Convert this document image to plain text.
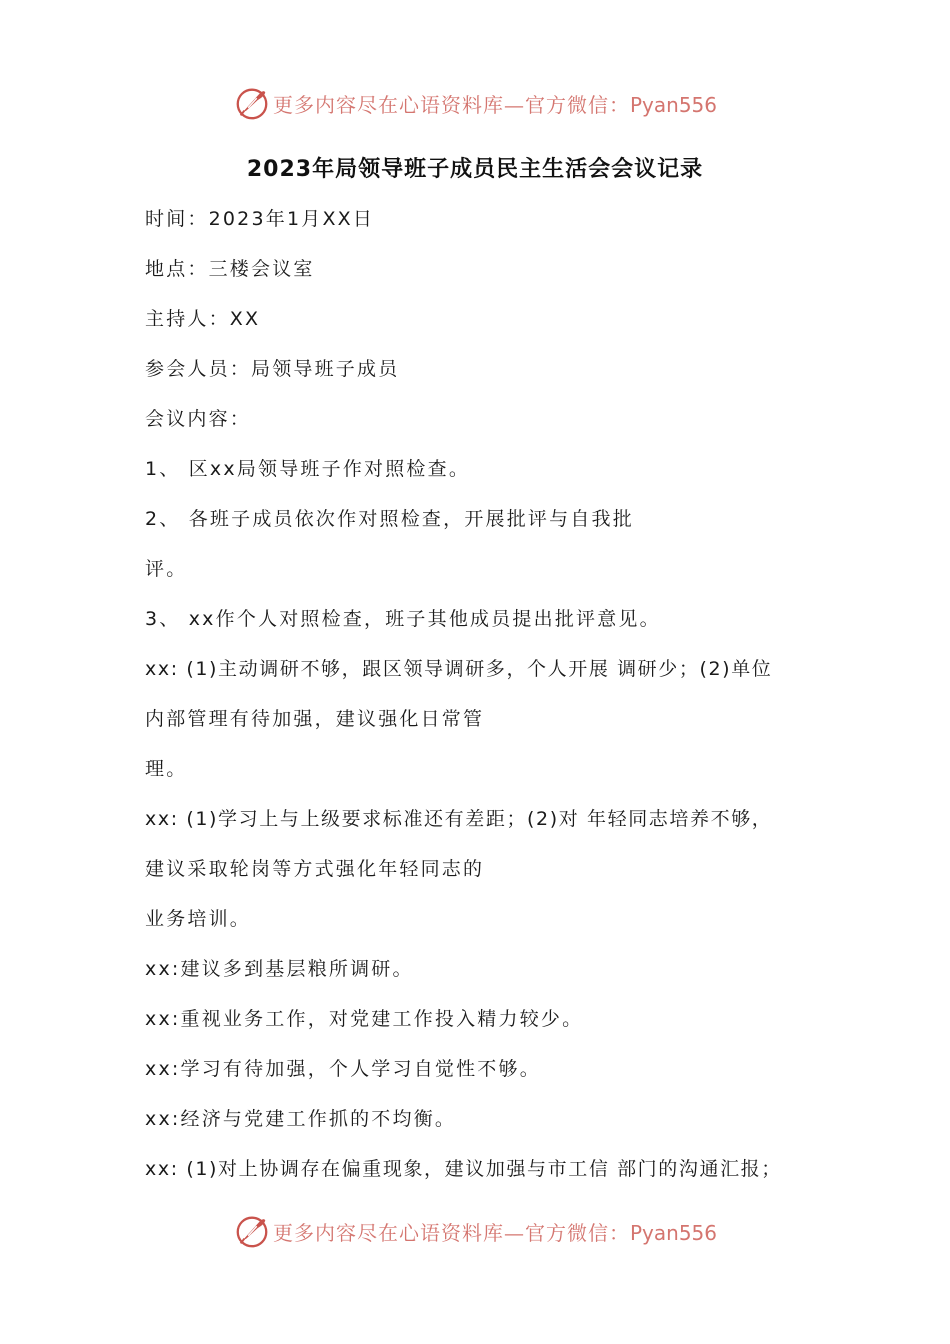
更多内容尽在心语资料库—官方微信：Pyan556
2023年局领导班子成员民主生活会会议记录
时间：2023年1月XX日
地点：三楼会议室
主持人：XX
参会人员：局领导班子成员
会议内容：
1、 区xx局领导班子作对照检查。
2、 各班子成员依次作对照检查，开展批评与自我批
评。
3、 xx作个人对照检查，班子其他成员提出批评意见。
xx: (1)主动调研不够，跟区领导调研多，个人开展 调研少；(2)单位
内部管理有待加强，建议强化日常管
理。
xx: (1)学习上与上级要求标准还有差距；(2)对 年轻同志培养不够，
建议采取轮岗等方式强化年轻同志的
业务培训。
xx:建议多到基层粮所调研。
xx:重视业务工作，对党建工作投入精力较少。
xx:学习有待加强，个人学习自觉性不够。
xx:经济与党建工作抓的不均衡。
xx: (1)对上协调存在偏重现象，建议加强与市工信 部门的沟通汇报；
更多内容尽在心语资料库—官方微信：Pyan556
